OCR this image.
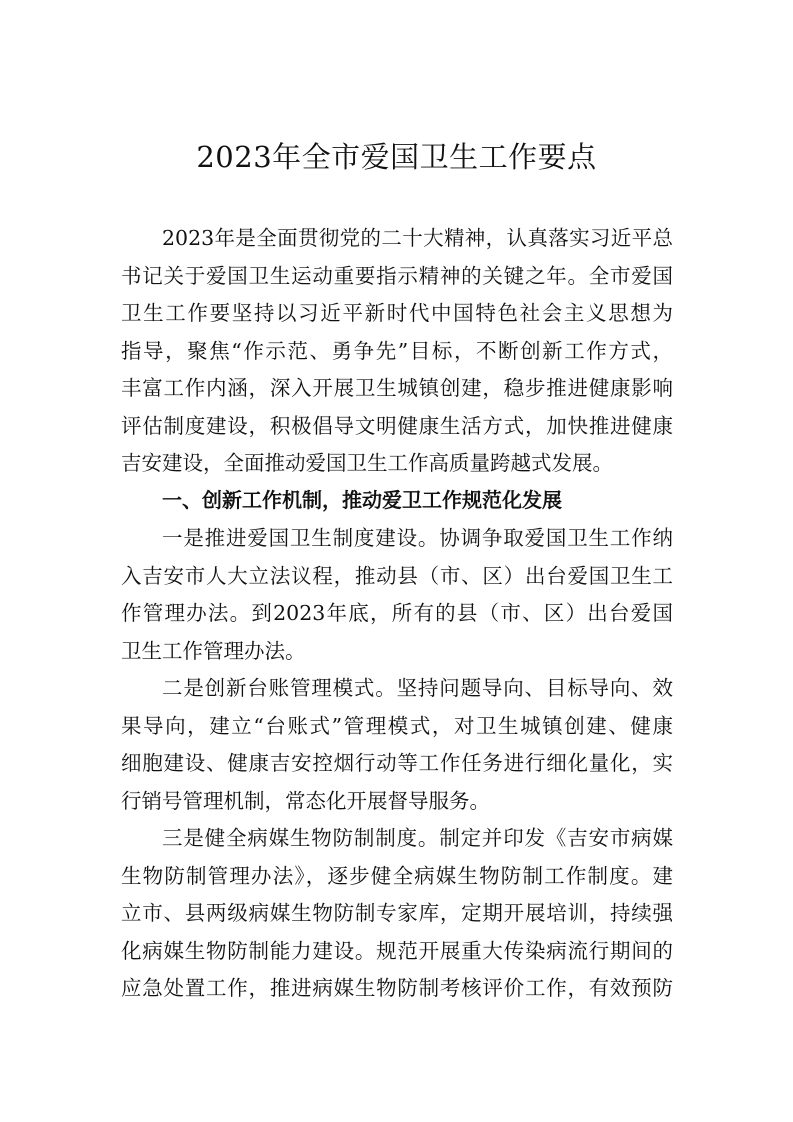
2023年全市爱国卫生工作要点
2023年是全面贯彻党的二十大精神，认真落实习近平总
书记关于爱国卫生运动重要指示精神的关键之年。全市爱国
卫生工作要坚持以习近平新时代中国特色社会主义思想为
指导，聚焦“作示范、勇争先”目标，不断创新工作方式，
丰富工作内涵，深入开展卫生城镇创建，稳步推进健康影响
评估制度建设，积极倡导文明健康生活方式，加快推进健康
吉安建设，全面推动爱国卫生工作高质量跨越式发展。
一、创新工作机制，推动爱卫工作规范化发展
一是推进爱国卫生制度建设。协调争取爱国卫生工作纳
入吉安市人大立法议程，推动县（市、区）出台爱国卫生工
作管理办法。到2023年底，所有的县（市、区）出台爱国
卫生工作管理办法。
二是创新台账管理模式。坚持问题导向、目标导向、效
果导向，建立“台账式”管理模式，对卫生城镇创建、健康
细胞建设、健康吉安控烟行动等工作任务进行细化量化，实
行销号管理机制，常态化开展督导服务。
三是健全病媒生物防制制度。制定并印发《吉安市病媒
生物防制管理办法》，逐步健全病媒生物防制工作制度。建
立市、县两级病媒生物防制专家库，定期开展培训，持续强
化病媒生物防制能力建设。规范开展重大传染病流行期间的
应急处置工作，推进病媒生物防制考核评价工作，有效预防
